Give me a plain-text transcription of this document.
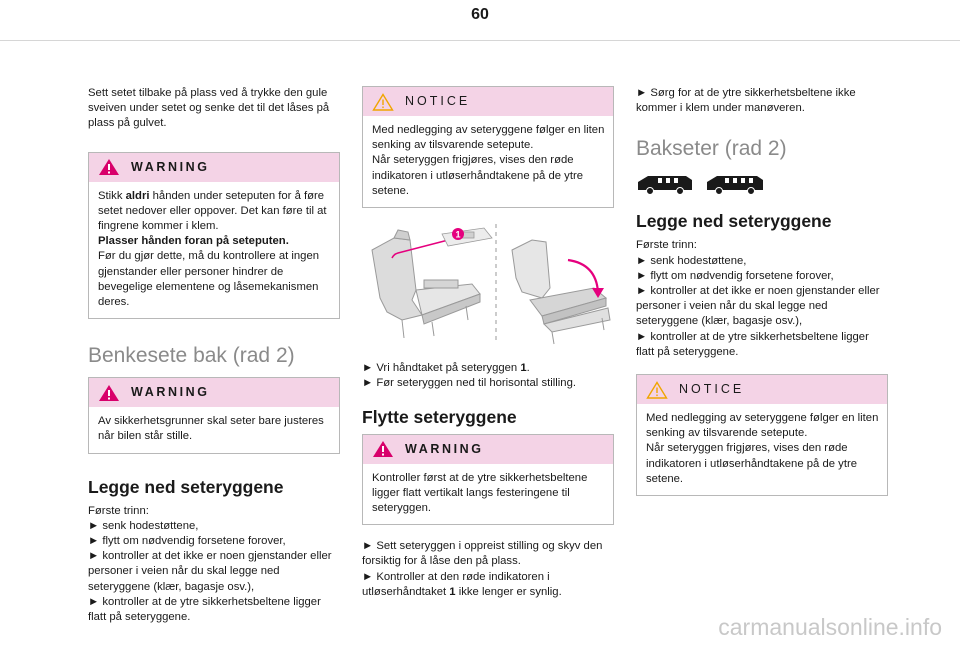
60

Sett setet tilbake på plass ved å trykke den gule sveiven under setet og senke det til det låses på plass på gulvet.

WARNING

Stikk aldri hånden under seteputen for å føre setet nedover eller oppover. Det kan føre til at fingrene kommer i klem.

Plasser hånden foran på seteputen.

Før du gjør dette, må du kontrollere at ingen gjenstander eller personer hindrer de bevegelige elementene og låsemekanismen deres.

Benkesete bak (rad 2)
WARNING

Av sikkerhetsgrunner skal seter bare justeres når bilen står stille.

Legge ned seteryggene

Første trinn:

► senk hodestøttene,
► flytt om nødvendig forsetene forover,
► kontroller at det ikke er noen gjenstander eller personer i veien når du skal legge ned seteryggene (klær, bagasje osv.),
► kontroller at de ytre sikkerhetsbeltene ligger flatt på seteryggene.
NOTICE

Med nedlegging av seteryggene følger en liten senking av tilsvarende setepute.

Når seteryggen frigjøres, vises den røde indikatoren i utløserhåndtakene på de ytre setene.

1

► Vri håndtaket på seteryggen 1.

► Før seteryggen ned til horisontal stilling.

Flytte seteryggene
WARNING

Kontroller først at de ytre sikkerhetsbeltene ligger flatt vertikalt langs festeringene til seteryggen.

► Sett seteryggen i oppreist stilling og skyv den forsiktig for å låse den på plass.

► Kontroller at den røde indikatoren i utløserhåndtaket 1 ikke lenger er synlig.

► Sørg for at de ytre sikkerhetsbeltene ikke kommer i klem under manøveren.

Bakseter (rad 2)

Legge ned seteryggene

Første trinn:

► senk hodestøttene,
► flytt om nødvendig forsetene forover,
► kontroller at det ikke er noen gjenstander eller personer i veien når du skal legge ned seteryggene (klær, bagasje osv.),
► kontroller at de ytre sikkerhetsbeltene ligger flatt på seteryggene.
NOTICE

Med nedlegging av seteryggene følger en liten senking av tilsvarende setepute.

Når seteryggen frigjøres, vises den røde indikatoren i utløserhåndtakene på de ytre setene.

carmanualsonline.info
